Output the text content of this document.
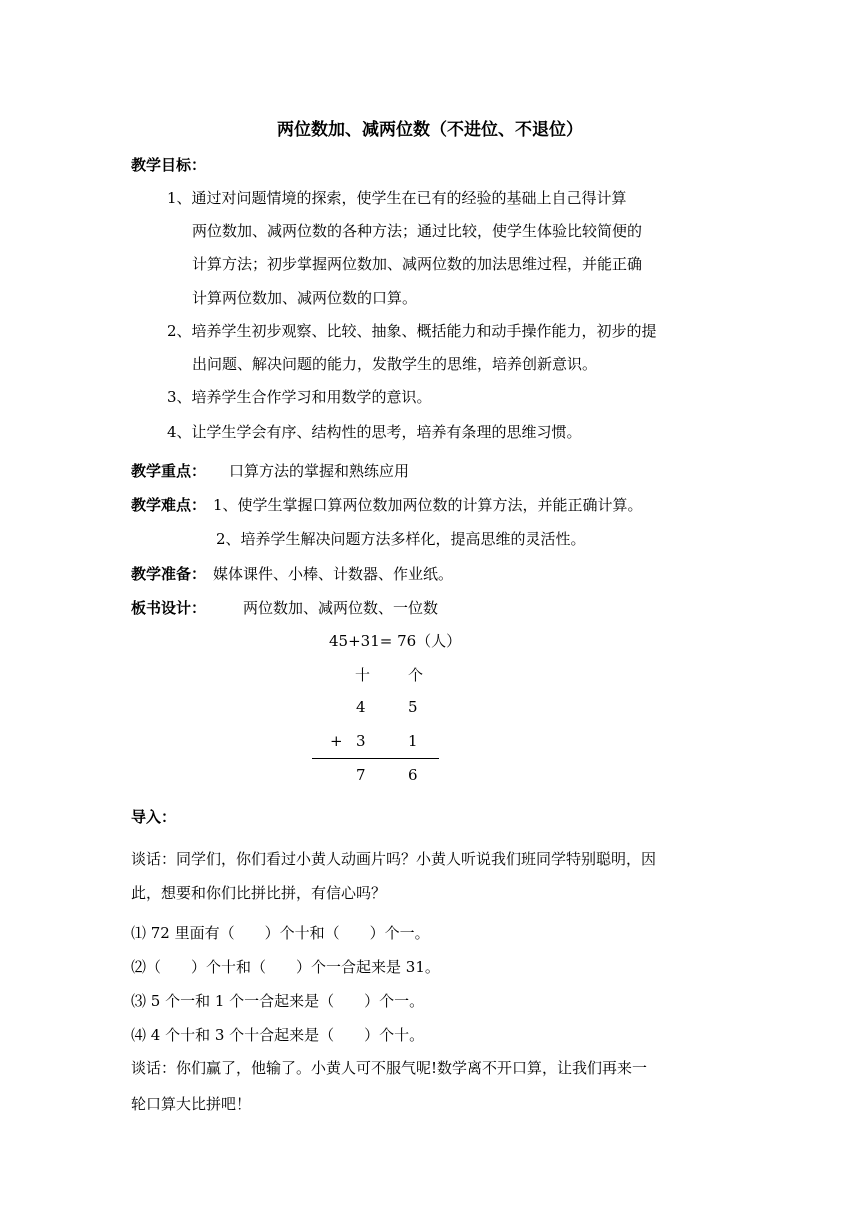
两位数加、减两位数（不进位、不退位）
教学目标：
1、通过对问题情境的探索，使学生在已有的经验的基础上自己得计算
两位数加、减两位数的各种方法；通过比较，使学生体验比较简便的
计算方法；初步掌握两位数加、减两位数的加法思维过程，并能正确
计算两位数加、减两位数的口算。
2、培养学生初步观察、比较、抽象、概括能力和动手操作能力，初步的提
出问题、解决问题的能力，发散学生的思维，培养创新意识。
3、培养学生合作学习和用数学的意识。
4、让学生学会有序、结构性的思考，培养有条理的思维习惯。
教学重点： 口算方法的掌握和熟练应用
教学难点： 1、使学生掌握口算两位数加两位数的计算方法，并能正确计算。
2、培养学生解决问题方法多样化，提高思维的灵活性。
教学准备： 媒体课件、小棒、计数器、作业纸。
板书设计： 两位数加、减两位数、一位数
45+31= 76（人）
十	个
4	5
+ 3	1
7	6
导入：
谈话：同学们，你们看过小黄人动画片吗？小黄人听说我们班同学特别聪明，因
此，想要和你们比拼比拼，有信心吗？
⑴ 72 里面有（　　）个十和（　　）个一。
⑵（　　）个十和（　　）个一合起来是 31。
⑶ 5 个一和 1 个一合起来是（　　）个一。
⑷ 4 个十和 3 个十合起来是（　　）个十。
谈话：你们赢了，他输了。小黄人可不服气呢!数学离不开口算，让我们再来一
轮口算大比拼吧！
